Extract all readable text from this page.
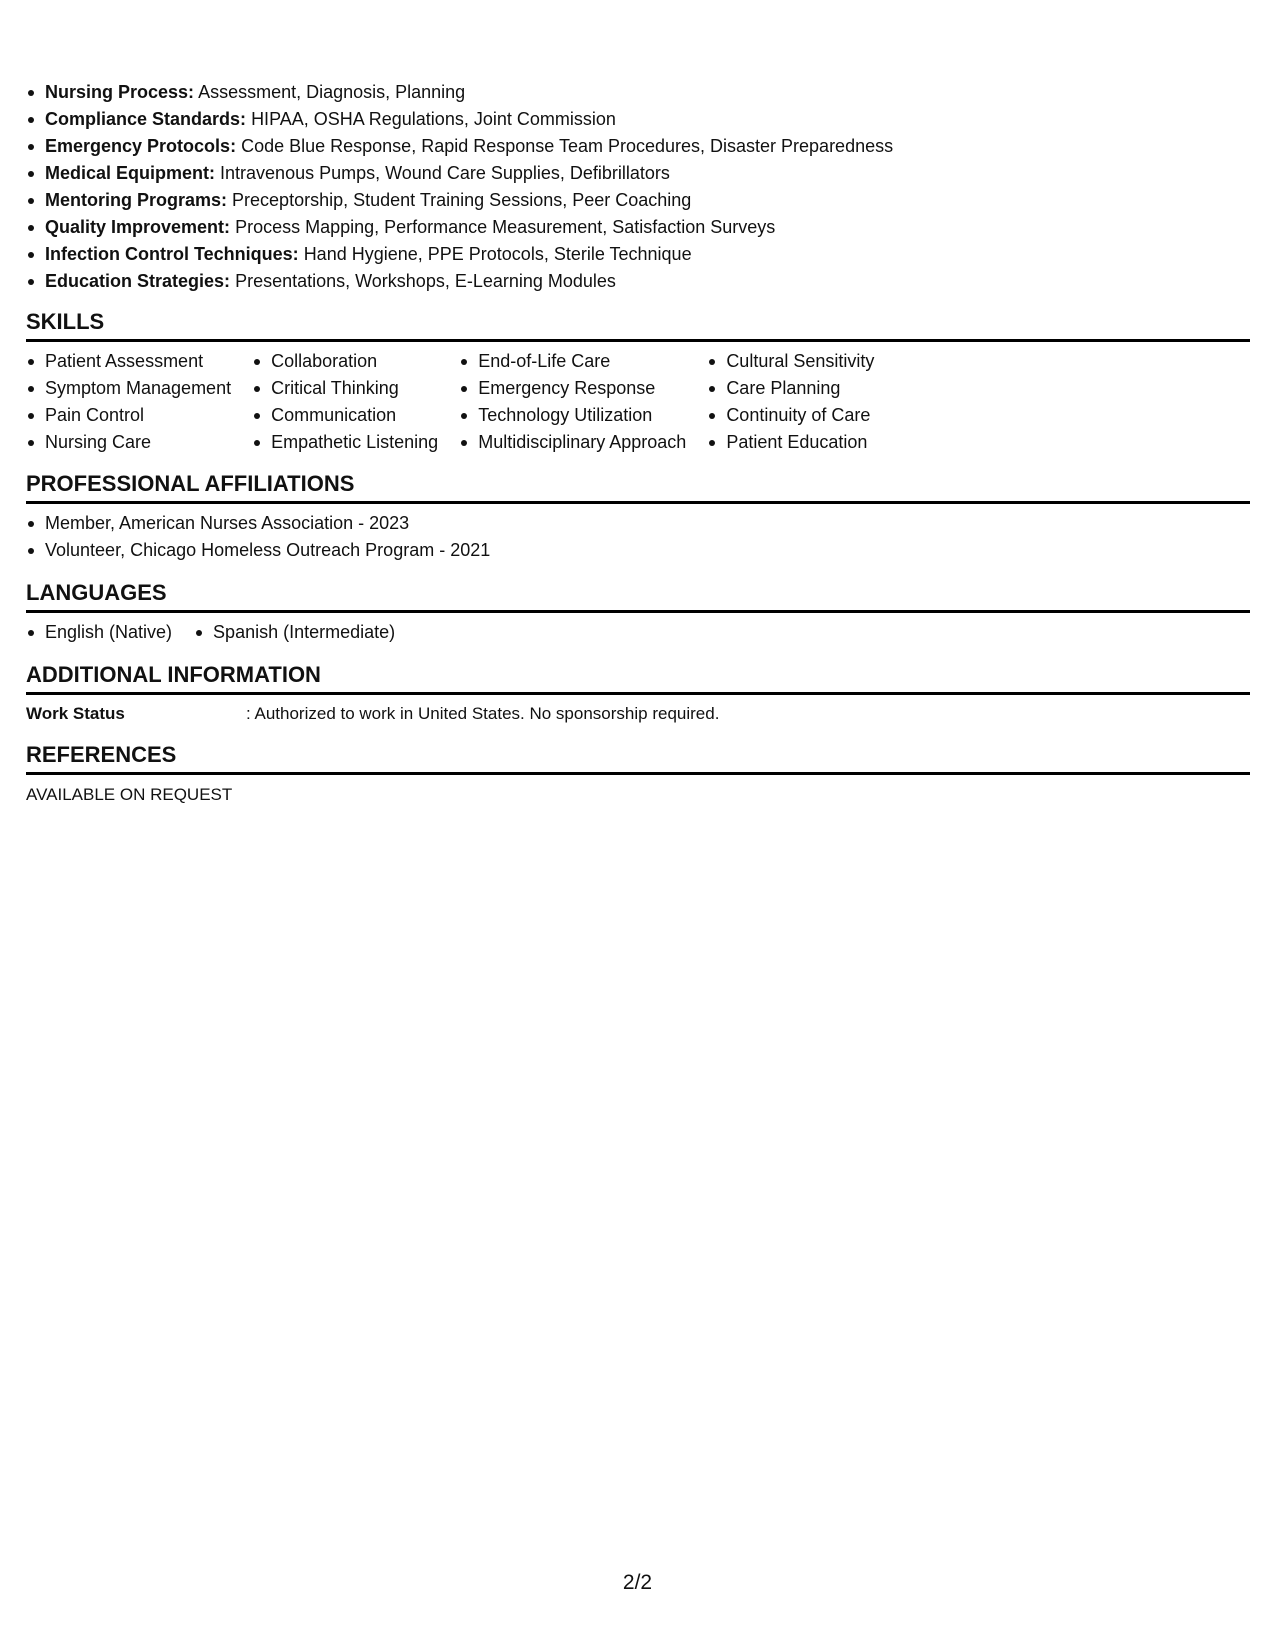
Nursing Process: Assessment, Diagnosis, Planning
Compliance Standards: HIPAA, OSHA Regulations, Joint Commission
Emergency Protocols: Code Blue Response, Rapid Response Team Procedures, Disaster Preparedness
Medical Equipment: Intravenous Pumps, Wound Care Supplies, Defibrillators
Mentoring Programs: Preceptorship, Student Training Sessions, Peer Coaching
Quality Improvement: Process Mapping, Performance Measurement, Satisfaction Surveys
Infection Control Techniques: Hand Hygiene, PPE Protocols, Sterile Technique
Education Strategies: Presentations, Workshops, E-Learning Modules
SKILLS
Patient Assessment
Symptom Management
Pain Control
Nursing Care
Collaboration
Critical Thinking
Communication
Empathetic Listening
End-of-Life Care
Emergency Response
Technology Utilization
Multidisciplinary Approach
Cultural Sensitivity
Care Planning
Continuity of Care
Patient Education
PROFESSIONAL AFFILIATIONS
Member, American Nurses Association - 2023
Volunteer, Chicago Homeless Outreach Program - 2021
LANGUAGES
English (Native)	Spanish (Intermediate)
ADDITIONAL INFORMATION
Work Status	: Authorized to work in United States. No sponsorship required.
REFERENCES
AVAILABLE ON REQUEST
2/2
